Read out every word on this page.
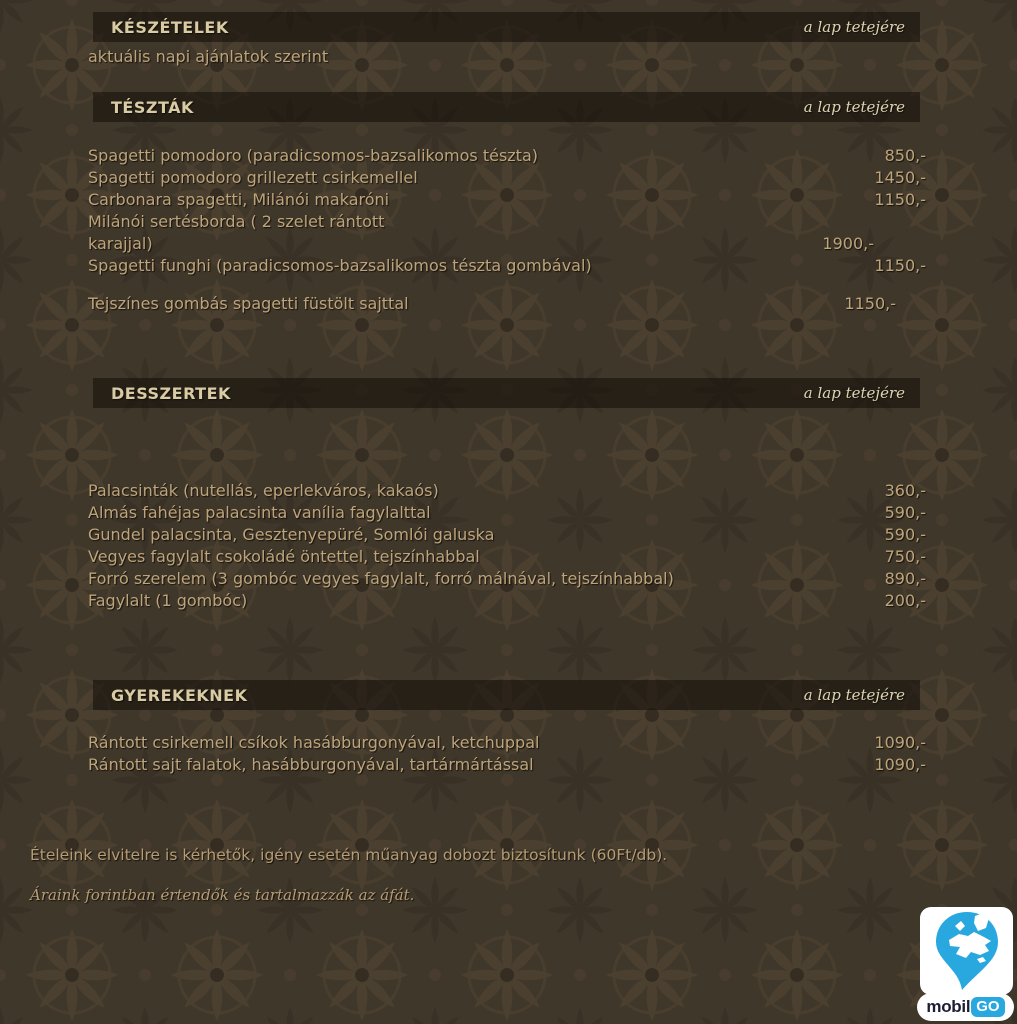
KÉSZÉTELEK	a lap tetejére
aktuális napi ajánlatok szerint
TÉSZTÁK	a lap tetejére
Spagetti pomodoro (paradicsomos-bazsalikomos tészta)	850,-
Spagetti pomodoro grillezett csirkemellel	1450,-
Carbonara spagetti, Milánói makaróni	1150,-
Milánói sertésborda ( 2 szelet rántott
karajjal)	1900,-
Spagetti funghi (paradicsomos-bazsalikomos tészta gombával)	1150,-
Tejszínes gombás spagetti füstölt sajttal	1150,-
DESSZERTEK	a lap tetejére
Palacsinták (nutellás, eperlekváros, kakaós)	360,-
Almás fahéjas palacsinta vanília fagylalttal	590,-
Gundel palacsinta, Gesztenyepüré, Somlói galuska	590,-
Vegyes fagylalt csokoládé öntettel, tejszínhabbal	750,-
Forró szerelem (3 gombóc vegyes fagylalt, forró málnával, tejszínhabbal)	890,-
Fagylalt (1 gombóc)	200,-
GYEREKEKNEK	a lap tetejére
Rántott csirkemell csíkok hasábburgonyával, ketchuppal	1090,-
Rántott sajt falatok, hasábburgonyával, tartármártással	1090,-
Ételeink elvitelre is kérhetők, igény esetén műanyag dobozt biztosítunk (60Ft/db).
Áraink forintban értendők és tartalmazzák az áfát.
mobil GO
